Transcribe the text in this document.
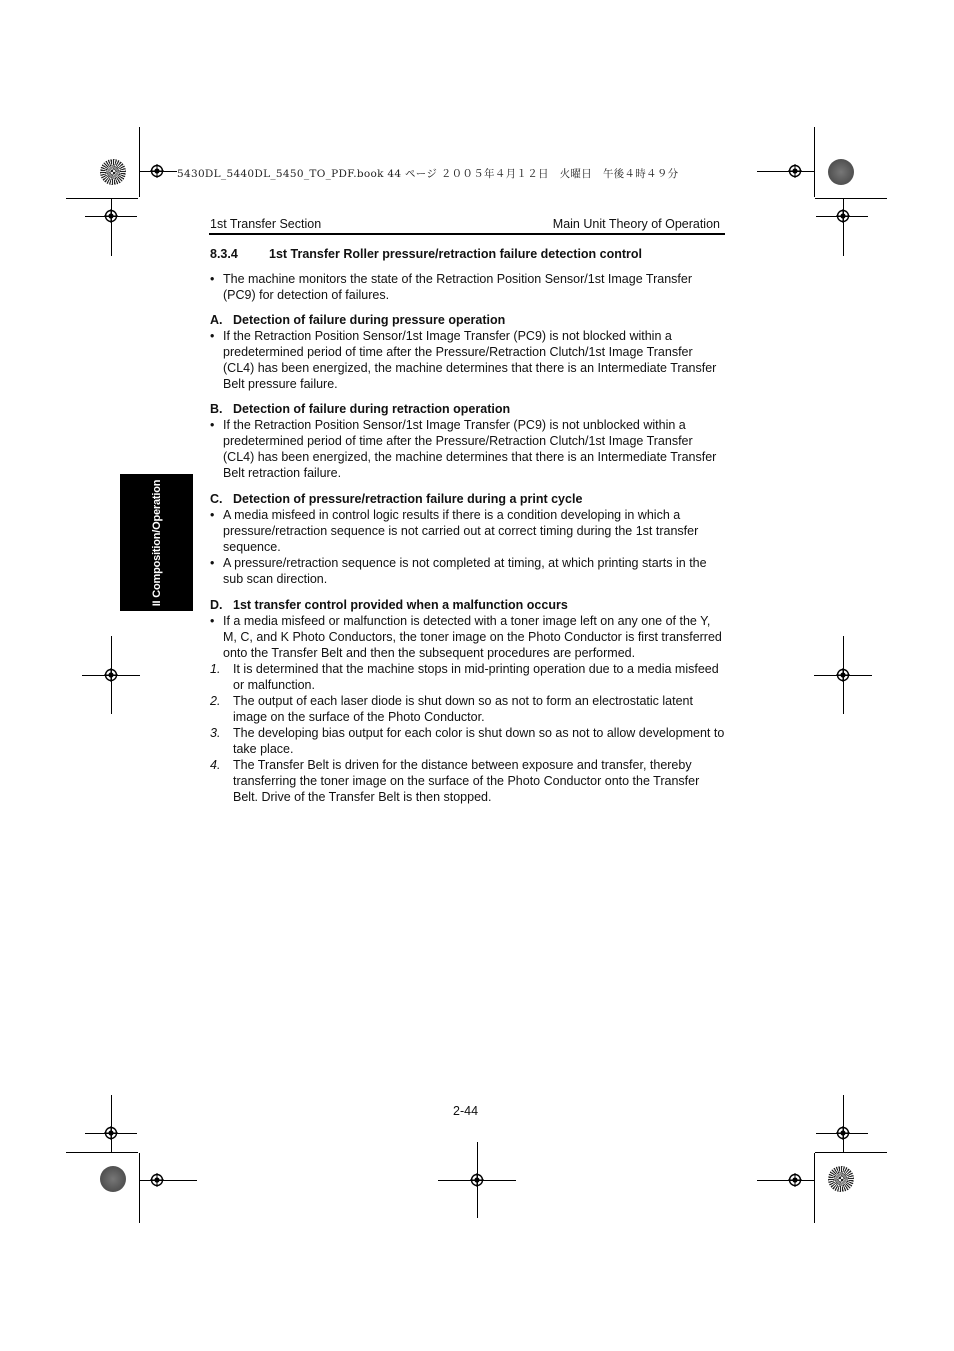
5430DL_5440DL_5450_TO_PDF.book 44 ページ ２００５年４月１２日　火曜日　午後４時４９分
1st Transfer Section	Main Unit Theory of Operation
II Composition/Operation
8.3.4	1st Transfer Roller pressure/retraction failure detection control
• The machine monitors the state of the Retraction Position Sensor/1st Image Transfer (PC9) for detection of failures.
A. Detection of failure during pressure operation
• If the Retraction Position Sensor/1st Image Transfer (PC9) is not blocked within a predetermined period of time after the Pressure/Retraction Clutch/1st Image Transfer (CL4) has been energized, the machine determines that there is an Intermediate Transfer Belt pressure failure.
B. Detection of failure during retraction operation
• If the Retraction Position Sensor/1st Image Transfer (PC9) is not unblocked within a predetermined period of time after the Pressure/Retraction Clutch/1st Image Transfer (CL4) has been energized, the machine determines that there is an Intermediate Transfer Belt retraction failure.
C. Detection of pressure/retraction failure during a print cycle
• A media misfeed in control logic results if there is a condition developing in which a pressure/retraction sequence is not carried out at correct timing during the 1st transfer sequence.
• A pressure/retraction sequence is not completed at timing, at which printing starts in the sub scan direction.
D. 1st transfer control provided when a malfunction occurs
• If a media misfeed or malfunction is detected with a toner image left on any one of the Y, M, C, and K Photo Conductors, the toner image on the Photo Conductor is first transferred onto the Transfer Belt and then the subsequent procedures are performed.
1.	It is determined that the machine stops in mid-printing operation due to a media misfeed or malfunction.
2.	The output of each laser diode is shut down so as not to form an electrostatic latent image on the surface of the Photo Conductor.
3.	The developing bias output for each color is shut down so as not to allow development to take place.
4.	The Transfer Belt is driven for the distance between exposure and transfer, thereby transferring the toner image on the surface of the Photo Conductor onto the Transfer Belt. Drive of the Transfer Belt is then stopped.
2-44
